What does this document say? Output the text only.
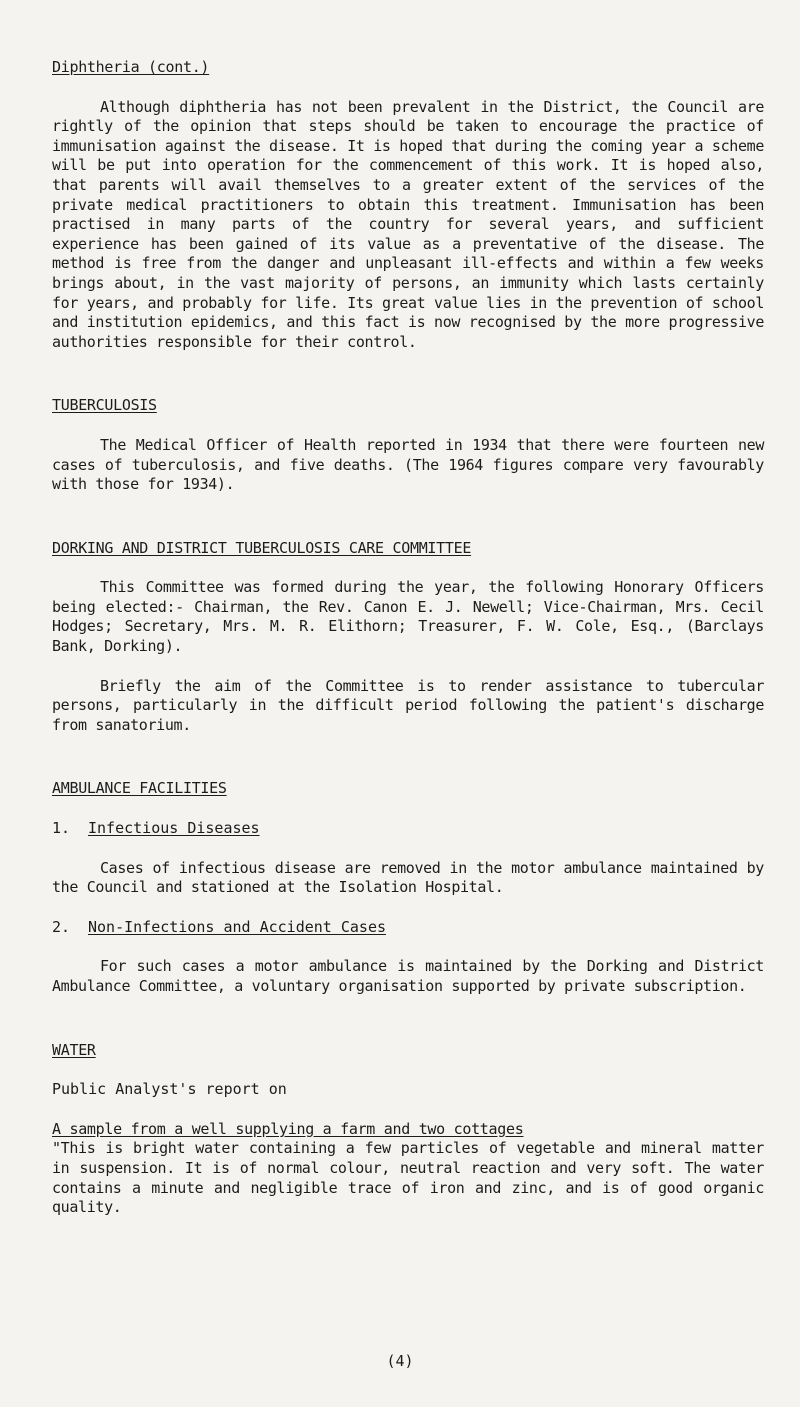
Diphtheria (cont.)

Although diphtheria has not been prevalent in the District, the Council are rightly of the opinion that steps should be taken to encourage the practice of immunisation against the disease. It is hoped that during the coming year a scheme will be put into operation for the commencement of this work. It is hoped also, that parents will avail themselves to a greater extent of the services of the private medical practitioners to obtain this treatment. Immunisation has been practised in many parts of the country for several years, and sufficient experience has been gained of its value as a preventative of the disease. The method is free from the danger and unpleasant ill-effects and within a few weeks brings about, in the vast majority of persons, an immunity which lasts certainly for years, and probably for life. Its great value lies in the prevention of school and institution epidemics, and this fact is now recognised by the more progressive authorities responsible for their control.

TUBERCULOSIS

The Medical Officer of Health reported in 1934 that there were fourteen new cases of tuberculosis, and five deaths. (The 1964 figures compare very favourably with those for 1934).

DORKING AND DISTRICT TUBERCULOSIS CARE COMMITTEE

This Committee was formed during the year, the following Honorary Officers being elected:- Chairman, the Rev. Canon E. J. Newell; Vice-Chairman, Mrs. Cecil Hodges; Secretary, Mrs. M. R. Elithorn; Treasurer, F. W. Cole, Esq., (Barclays Bank, Dorking).

Briefly the aim of the Committee is to render assistance to tubercular persons, particularly in the difficult period following the patient's discharge from sanatorium.

AMBULANCE FACILITIES
1.	Infectious Diseases

Cases of infectious disease are removed in the motor ambulance maintained by the Council and stationed at the Isolation Hospital.

2.	Non-Infections and Accident Cases

For such cases a motor ambulance is maintained by the Dorking and District Ambulance Committee, a voluntary organisation supported by private subscription.

WATER
Public Analyst's report on
A sample from a well supplying a farm and two cottages

"This is bright water containing a few particles of vegetable and mineral matter in suspension. It is of normal colour, neutral reaction and very soft. The water contains a minute and negligible trace of iron and zinc, and is of good organic quality.

(4)
